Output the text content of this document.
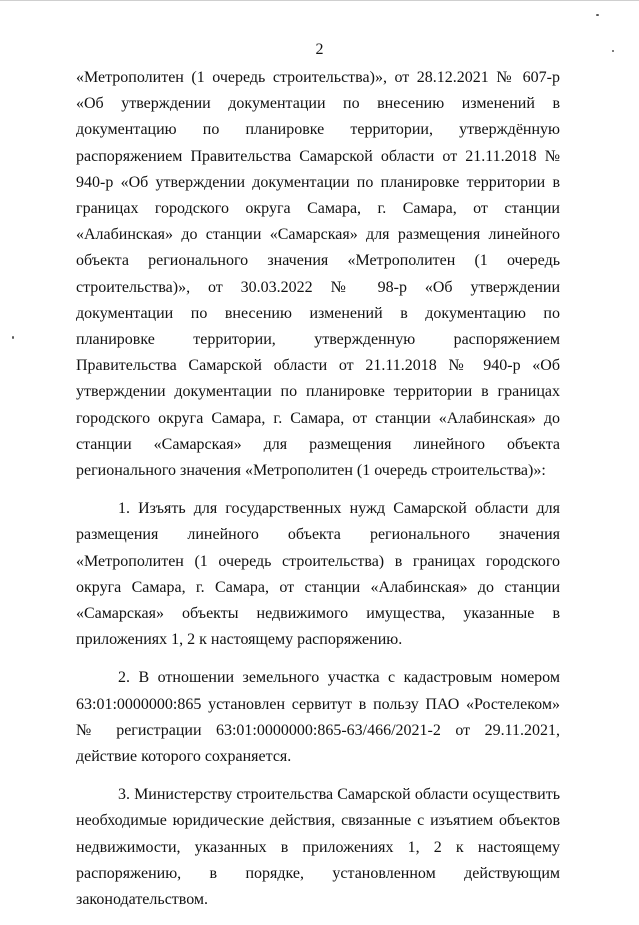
2

«Метрополитен (1 очередь строительства)», от 28.12.2021 № 607-р «Об утверждении документации по внесению изменений в документацию по планировке территории, утверждённую распоряжением Правительства Самарской области от 21.11.2018 № 940-р «Об утверждении документации по планировке территории в границах городского округа Самара, г. Самара, от станции «Алабинская» до станции «Самарская» для размещения линейного объекта регионального значения «Метрополитен (1 очередь строительства)», от 30.03.2022 № 98-р «Об утверждении документации по внесению изменений в документацию по планировке территории, утвержденную распоряжением Правительства Самарской области от 21.11.2018 № 940-р «Об утверждении документации по планировке территории в границах городского округа Самара, г. Самара, от станции «Алабинская» до станции «Самарская» для размещения линейного объекта регионального значения «Метрополитен (1 очередь строительства)»:

1. Изъять для государственных нужд Самарской области для размещения линейного объекта регионального значения «Метрополитен (1 очередь строительства) в границах городского округа Самара, г. Самара, от станции «Алабинская» до станции «Самарская» объекты недвижимого имущества, указанные в приложениях 1, 2 к настоящему распоряжению.

2. В отношении земельного участка с кадастровым номером 63:01:0000000:865 установлен сервитут в пользу ПАО «Ростелеком» № регистрации 63:01:0000000:865-63/466/2021-2 от 29.11.2021, действие которого сохраняется.

3. Министерству строительства Самарской области осуществить необходимые юридические действия, связанные с изъятием объектов недвижимости, указанных в приложениях 1, 2 к настоящему распоряжению, в порядке, установленном действующим законодательством.
